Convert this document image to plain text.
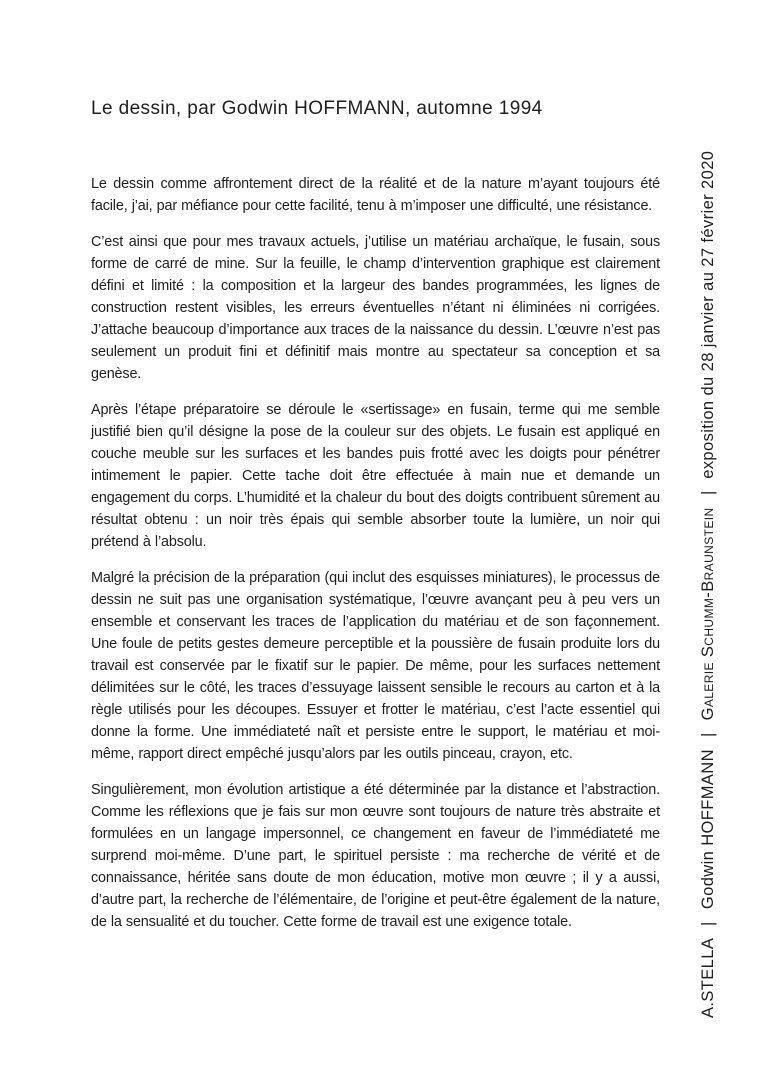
Le dessin, par Godwin HOFFMANN, automne 1994

Le dessin comme affrontement direct de la réalité et de la nature m’ayant toujours été facile, j’ai, par méfiance pour cette facilité, tenu à m’imposer une difficulté, une résistance.

C’est ainsi que pour mes travaux actuels, j’utilise un matériau archaïque, le fusain, sous forme de carré de mine. Sur la feuille, le champ d’intervention graphique est clairement défini et limité : la composition et la largeur des bandes programmées, les lignes de construction restent visibles, les erreurs éventuelles n’étant ni éliminées ni corrigées. J’attache beaucoup d’importance aux traces de la naissance du dessin. L’œuvre n’est pas seulement un produit fini et définitif mais montre au spectateur sa conception et sa genèse.

Après l’étape préparatoire se déroule le «sertissage» en fusain, terme qui me semble justifié bien qu’il désigne la pose de la couleur sur des objets. Le fusain est appliqué en couche meuble sur les surfaces et les bandes puis frotté avec les doigts pour pénétrer intimement le papier. Cette tache doit être effectuée à main nue et demande un engagement du corps. L’humidité et la chaleur du bout des doigts contribuent sûrement au résultat obtenu : un noir très épais qui semble absorber toute la lumière, un noir qui prétend à l’absolu.

Malgré la précision de la préparation (qui inclut des esquisses miniatures), le processus de dessin ne suit pas une organisation systématique, l’œuvre avançant peu à peu vers un ensemble et conservant les traces de l’application du matériau et de son façonnement. Une foule de petits gestes demeure perceptible et la poussière de fusain produite lors du travail est conservée par le fixatif sur le papier. De même, pour les surfaces nettement délimitées sur le côté, les traces d’essuyage laissent sensible le recours au carton et à la règle utilisés pour les découpes. Essuyer et frotter le matériau, c’est l’acte essentiel qui donne la forme. Une immédiateté naît et persiste entre le support, le matériau et moi-même, rapport direct empêché jusqu’alors par les outils pinceau, crayon, etc.

Singulièrement, mon évolution artistique a été déterminée par la distance et l’abstraction. Comme les réflexions que je fais sur mon œuvre sont toujours de nature très abstraite et formulées en un langage impersonnel, ce changement en faveur de l’immédiateté me surprend moi-même. D’une part, le spirituel persiste : ma recherche de vérité et de connaissance, héritée sans doute de mon éducation, motive mon œuvre ; il y a aussi, d’autre part, la recherche de l’élémentaire, de l’origine et peut-être également de la nature, de la sensualité et du toucher. Cette forme de travail est une exigence totale.

A.STELLA|Godwin HOFFMANN|Galerie Schumm-Braunstein|exposition du 28 janvier au 27 février 2020
